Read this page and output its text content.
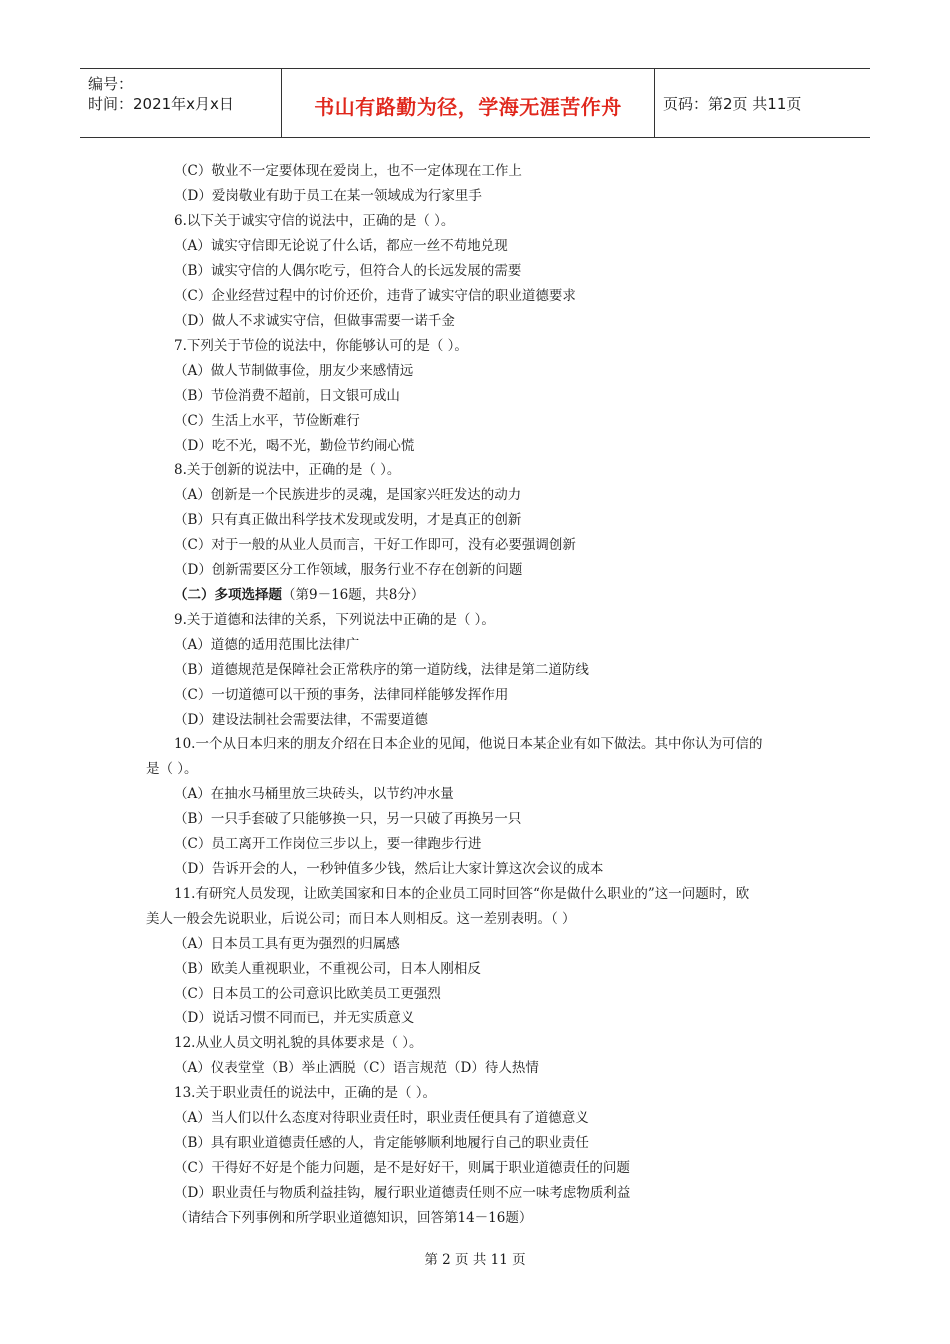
编号：
时间：2021年x月x日	书山有路勤为径，学海无涯苦作舟	页码：第2页 共11页
（C）敬业不一定要体现在爱岗上，也不一定体现在工作上
（D）爱岗敬业有助于员工在某一领域成为行家里手
6.以下关于诚实守信的说法中，正确的是（ ）。
（A）诚实守信即无论说了什么话，都应一丝不苟地兑现
（B）诚实守信的人偶尔吃亏，但符合人的长远发展的需要
（C）企业经营过程中的讨价还价，违背了诚实守信的职业道德要求
（D）做人不求诚实守信，但做事需要一诺千金
7.下列关于节俭的说法中，你能够认可的是（ ）。
（A）做人节制做事俭，朋友少来感情远
（B）节俭消费不超前，日文银可成山
（C）生活上水平，节俭断难行
（D）吃不光，喝不光，勤俭节约闹心慌
8.关于创新的说法中，正确的是（ ）。
（A）创新是一个民族进步的灵魂，是国家兴旺发达的动力
（B）只有真正做出科学技术发现或发明，才是真正的创新
（C）对于一般的从业人员而言，干好工作即可，没有必要强调创新
（D）创新需要区分工作领域，服务行业不存在创新的问题
（二）多项选择题（第9－16题，共8分）
9.关于道德和法律的关系，下列说法中正确的是（ ）。
（A）道德的适用范围比法律广
（B）道德规范是保障社会正常秩序的第一道防线，法律是第二道防线
（C）一切道德可以干预的事务，法律同样能够发挥作用
（D）建设法制社会需要法律，不需要道德
10.一个从日本归来的朋友介绍在日本企业的见闻，他说日本某企业有如下做法。其中你认为可信的
是（ ）。
（A）在抽水马桶里放三块砖头，以节约冲水量
（B）一只手套破了只能够换一只，另一只破了再换另一只
（C）员工离开工作岗位三步以上，要一律跑步行进
（D）告诉开会的人，一秒钟值多少钱，然后让大家计算这次会议的成本
11.有研究人员发现，让欧美国家和日本的企业员工同时回答“你是做什么职业的”这一问题时，欧
美人一般会先说职业，后说公司；而日本人则相反。这一差别表明。（ ）
（A）日本员工具有更为强烈的归属感
（B）欧美人重视职业，不重视公司，日本人刚相反
（C）日本员工的公司意识比欧美员工更强烈
（D）说话习惯不同而已，并无实质意义
12.从业人员文明礼貌的具体要求是（ ）。
（A）仪表堂堂（B）举止洒脱（C）语言规范（D）待人热情
13.关于职业责任的说法中，正确的是（ ）。
（A）当人们以什么态度对待职业责任时，职业责任便具有了道德意义
（B）具有职业道德责任感的人，肯定能够顺利地履行自己的职业责任
（C）干得好不好是个能力问题，是不是好好干，则属于职业道德责任的问题
（D）职业责任与物质利益挂钩，履行职业道德责任则不应一味考虑物质利益
（请结合下列事例和所学职业道德知识，回答第14－16题）
第 2 页 共 11 页
